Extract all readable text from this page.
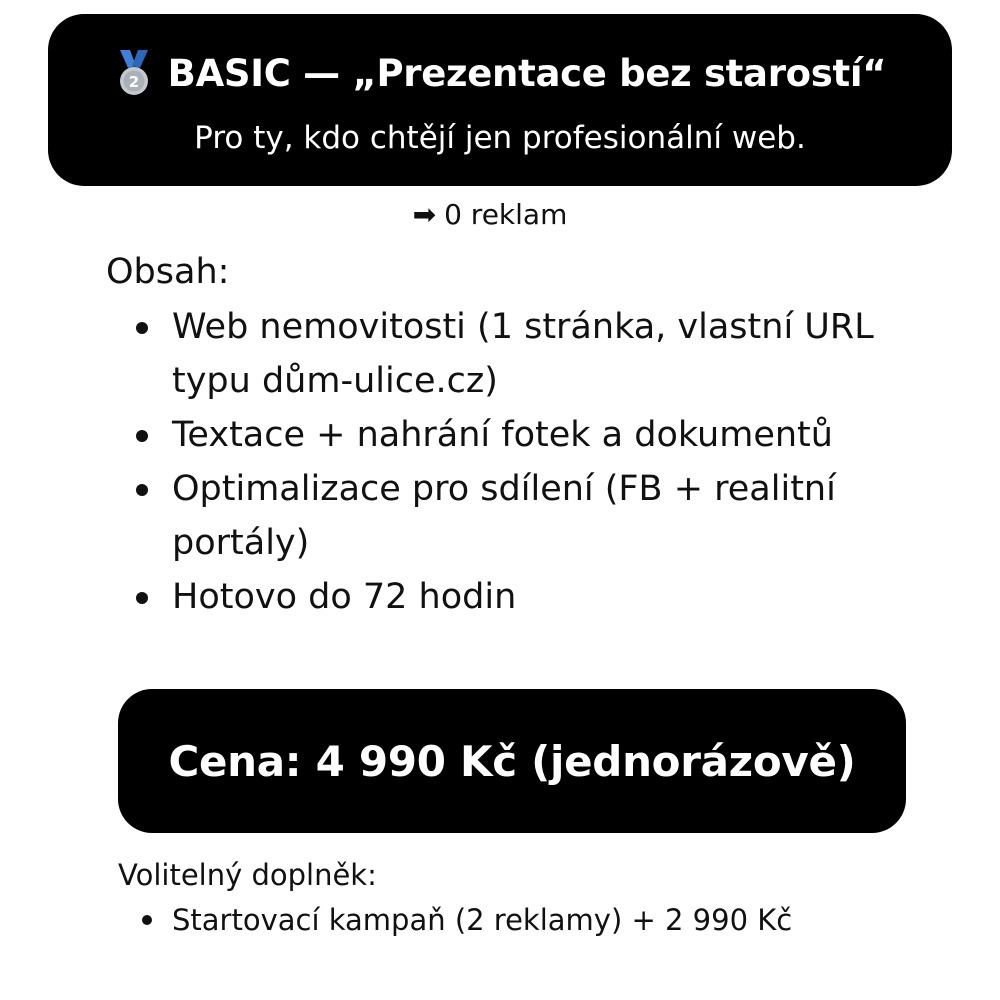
2 BASIC — „Prezentace bez starostí“
Pro ty, kdo chtějí jen profesionální web.
➡ 0 reklam
Obsah:
Web nemovitosti (1 stránka, vlastní URL typu dům-ulice.cz)
Textace + nahrání fotek a dokumentů
Optimalizace pro sdílení (FB + realitní portály)
Hotovo do 72 hodin
Cena: 4 990 Kč (jednorázově)
Volitelný doplněk:
Startovací kampaň (2 reklamy) + 2 990 Kč
